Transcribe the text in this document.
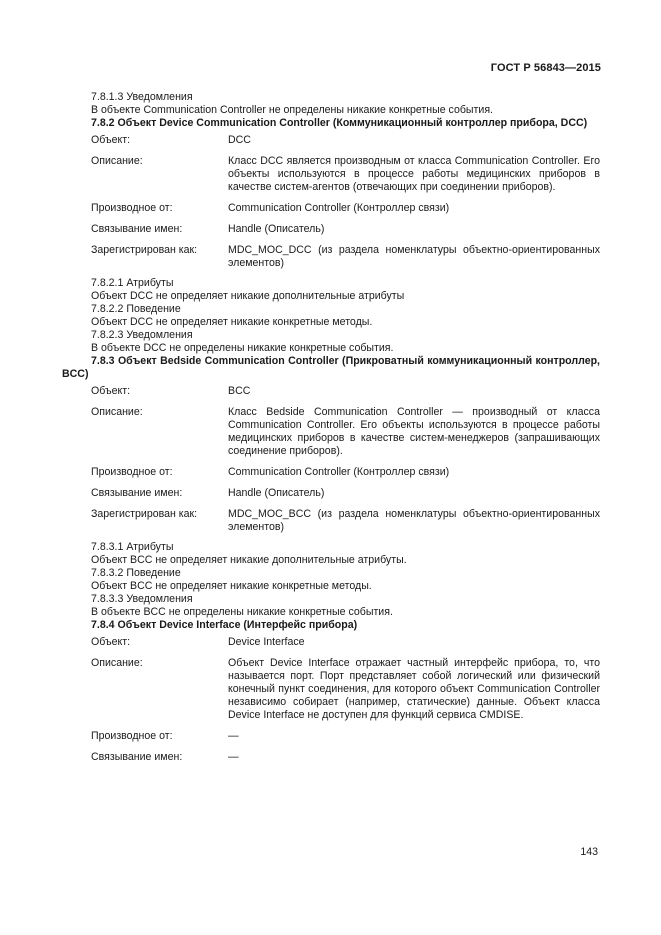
ГОСТ Р 56843—2015
7.8.1.3 Уведомления
В объекте Communication Controller не определены никакие конкретные события.
7.8.2 Объект Device Communication Controller (Коммуникационный контроллер прибора, DCC)
Объект:	DCC
Описание:	Класс DCC является производным от класса Communication Controller. Его объекты используются в процессе работы медицинских приборов в качестве систем-агентов (отвечающих при соединении приборов).
Производное от:	Communication Controller (Контроллер связи)
Связывание имен:	Handle (Описатель)
Зарегистрирован как:	MDC_MOC_DCC (из раздела номенклатуры объектно-ориентированных элементов)
7.8.2.1 Атрибуты
Объект DCC не определяет никакие дополнительные атрибуты
7.8.2.2 Поведение
Объект DCC не определяет никакие конкретные методы.
7.8.2.3 Уведомления
В объекте DCC не определены никакие конкретные события.
7.8.3 Объект Bedside Communication Controller (Прикроватный коммуникационный контроллер, BCC)
Объект:	BCC
Описание:	Класс Bedside Communication Controller — производный от класса Communication Controller. Его объекты используются в процессе работы медицинских приборов в качестве систем-менеджеров (запрашивающих соединение приборов).
Производное от:	Communication Controller (Контроллер связи)
Связывание имен:	Handle (Описатель)
Зарегистрирован как:	MDC_MOC_BCC (из раздела номенклатуры объектно-ориентированных элементов)
7.8.3.1 Атрибуты
Объект BCC не определяет никакие дополнительные атрибуты.
7.8.3.2 Поведение
Объект BCC не определяет никакие конкретные методы.
7.8.3.3 Уведомления
В объекте BCC не определены никакие конкретные события.
7.8.4 Объект Device Interface (Интерфейс прибора)
Объект:	Device Interface
Описание:	Объект Device Interface отражает частный интерфейс прибора, то, что называется порт. Порт представляет собой логический или физический конечный пункт соединения, для которого объект Communication Controller независимо собирает (например, статические) данные. Объект класса Device Interface не доступен для функций сервиса CMDISE.
Производное от:	—
Связывание имен:	—
143
